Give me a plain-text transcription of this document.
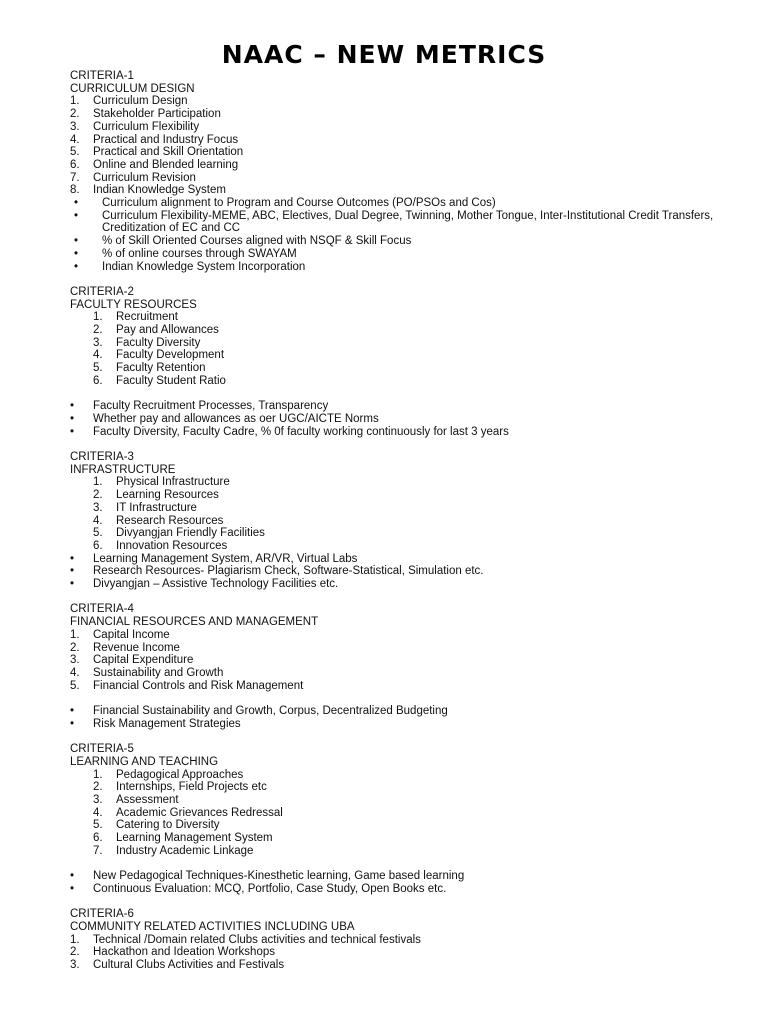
NAAC – NEW METRICS
CRITERIA-1
CURRICULUM DESIGN
1. Curriculum Design
2. Stakeholder Participation
3. Curriculum Flexibility
4. Practical and Industry Focus
5. Practical and Skill Orientation
6. Online and Blended learning
7. Curriculum Revision
8. Indian Knowledge System
• Curriculum alignment to Program and Course Outcomes (PO/PSOs and Cos)
• Curriculum Flexibility-MEME, ABC, Electives, Dual Degree, Twinning, Mother Tongue, Inter-Institutional Credit Transfers, Creditization of EC and CC
• % of Skill Oriented Courses aligned with NSQF & Skill Focus
• % of online courses through SWAYAM
• Indian Knowledge System Incorporation
CRITERIA-2
FACULTY RESOURCES
1. Recruitment
2. Pay and Allowances
3. Faculty Diversity
4. Faculty Development
5. Faculty Retention
6. Faculty Student Ratio
• Faculty Recruitment Processes, Transparency
• Whether pay and allowances as oer UGC/AICTE Norms
• Faculty Diversity, Faculty Cadre, % 0f faculty working continuously for last 3 years
CRITERIA-3
INFRASTRUCTURE
1. Physical Infrastructure
2. Learning Resources
3. IT Infrastructure
4. Research Resources
5. Divyangjan Friendly Facilities
6. Innovation Resources
• Learning Management System, AR/VR, Virtual Labs
• Research Resources- Plagiarism Check, Software-Statistical, Simulation etc.
• Divyangjan – Assistive Technology Facilities etc.
CRITERIA-4
FINANCIAL RESOURCES AND MANAGEMENT
1. Capital Income
2. Revenue Income
3. Capital Expenditure
4. Sustainability and Growth
5. Financial Controls and Risk Management
• Financial Sustainability and Growth, Corpus, Decentralized Budgeting
• Risk Management Strategies
CRITERIA-5
LEARNING AND TEACHING
1. Pedagogical Approaches
2. Internships, Field Projects etc
3. Assessment
4. Academic Grievances Redressal
5. Catering to Diversity
6. Learning Management System
7. Industry Academic Linkage
• New Pedagogical Techniques-Kinesthetic learning, Game based learning
• Continuous Evaluation: MCQ, Portfolio, Case Study, Open Books etc.
CRITERIA-6
COMMUNITY RELATED ACTIVITIES INCLUDING UBA
1. Technical /Domain related Clubs activities and technical festivals
2. Hackathon and Ideation Workshops
3. Cultural Clubs Activities and Festivals
